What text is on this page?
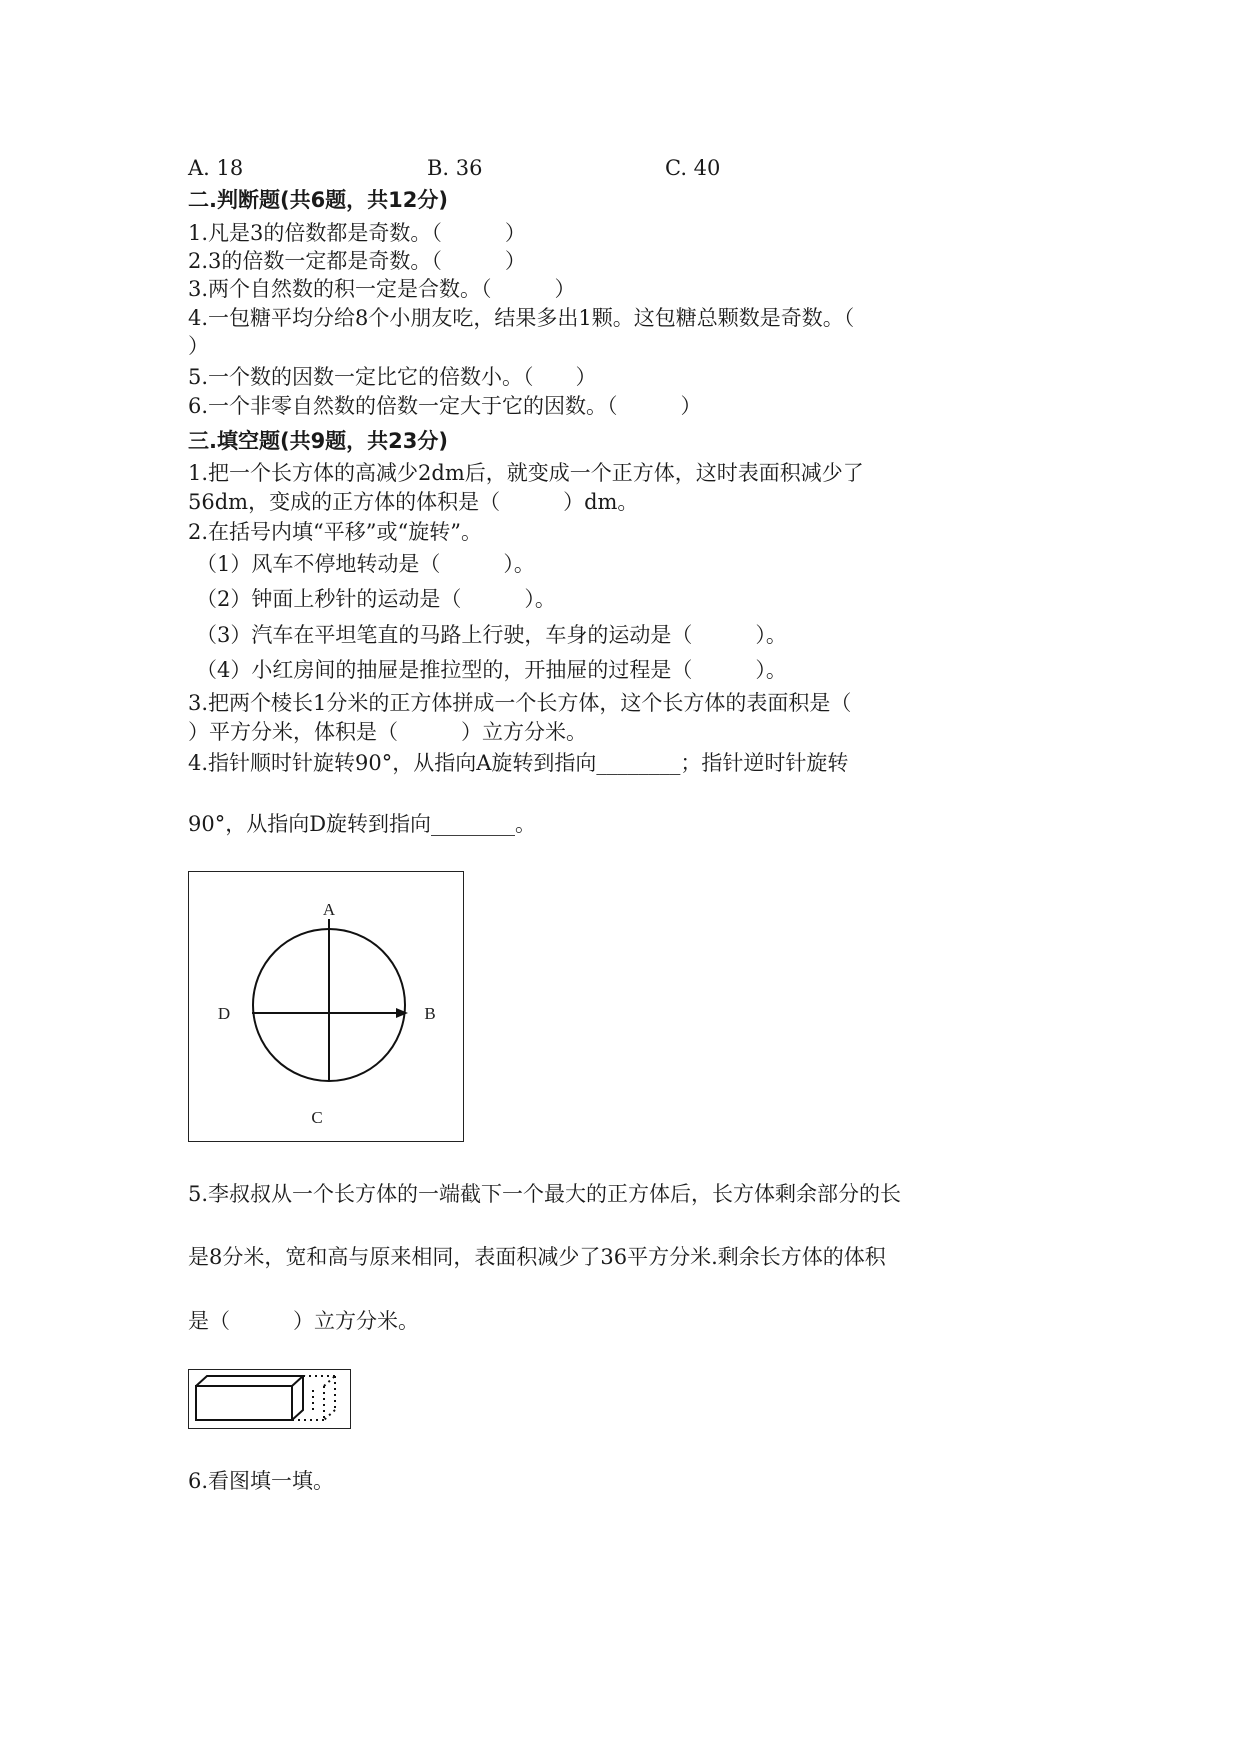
A. 18	B. 36	C. 40
二.判断题(共6题，共12分)
1.凡是3的倍数都是奇数。（　　　）
2.3的倍数一定都是奇数。（　　　）
3.两个自然数的积一定是合数。（　　　）
4.一包糖平均分给8个小朋友吃，结果多出1颗。这包糖总颗数是奇数。（
）
5.一个数的因数一定比它的倍数小。（　　）
6.一个非零自然数的倍数一定大于它的因数。（　　　）
三.填空题(共9题，共23分)
1.把一个长方体的高减少2dm后，就变成一个正方体，这时表面积减少了
56dm，变成的正方体的体积是（　　　）dm。
2.在括号内填“平移”或“旋转”。
（1）风车不停地转动是（　　　）。
（2）钟面上秒针的运动是（　　　）。
（3）汽车在平坦笔直的马路上行驶，车身的运动是（　　　）。
（4）小红房间的抽屉是推拉型的，开抽屉的过程是（　　　）。
3.把两个棱长1分米的正方体拼成一个长方体，这个长方体的表面积是（
）平方分米，体积是（　　　）立方分米。
4.指针顺时针旋转90°，从指向A旋转到指向________；指针逆时针旋转
90°，从指向D旋转到指向________。
A
B
C
D
5.李叔叔从一个长方体的一端截下一个最大的正方体后，长方体剩余部分的长
是8分米，宽和高与原来相同，表面积减少了36平方分米.剩余长方体的体积
是（　　　）立方分米。
6.看图填一填。
